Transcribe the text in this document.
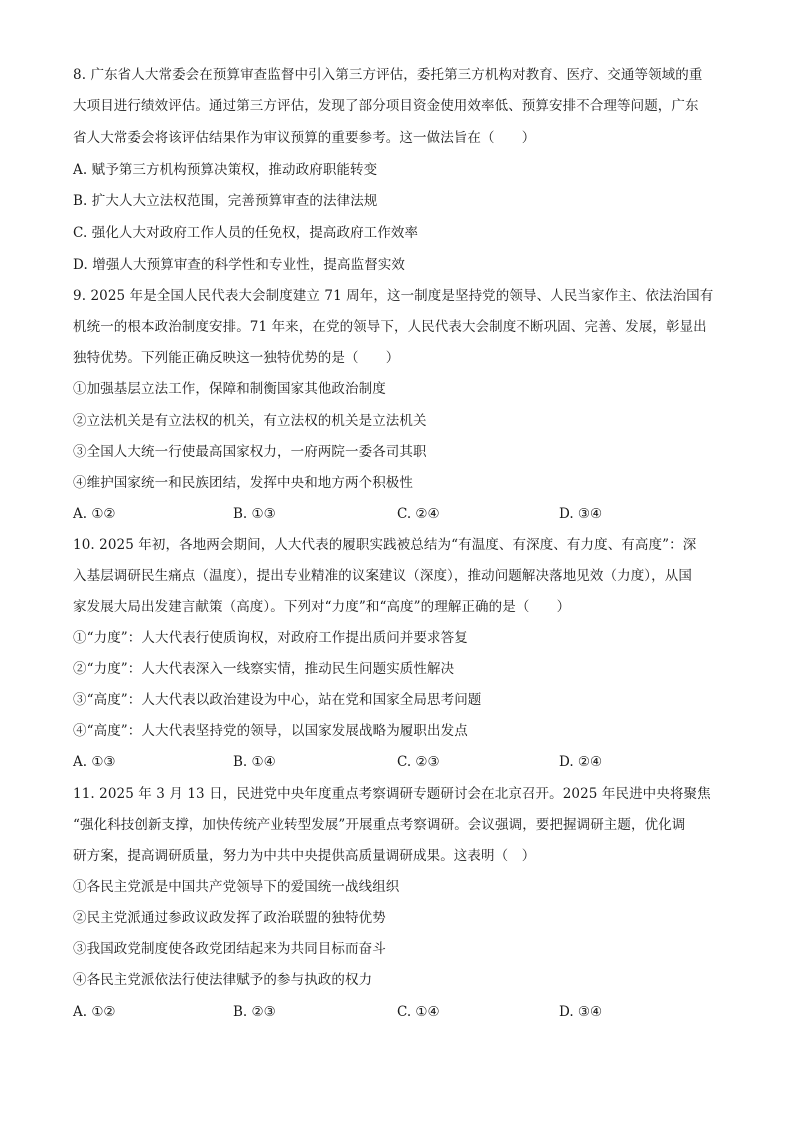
8. 广东省人大常委会在预算审查监督中引入第三方评估，委托第三方机构对教育、医疗、交通等领域的重
大项目进行绩效评估。通过第三方评估，发现了部分项目资金使用效率低、预算安排不合理等问题，广东
省人大常委会将该评估结果作为审议预算的重要参考。这一做法旨在（　　）
A. 赋予第三方机构预算决策权，推动政府职能转变
B. 扩大人大立法权范围，完善预算审查的法律法规
C. 强化人大对政府工作人员的任免权，提高政府工作效率
D. 增强人大预算审查的科学性和专业性，提高监督实效
9. 2025 年是全国人民代表大会制度建立 71 周年，这一制度是坚持党的领导、人民当家作主、依法治国有
机统一的根本政治制度安排。71 年来，在党的领导下，人民代表大会制度不断巩固、完善、发展，彰显出
独特优势。下列能正确反映这一独特优势的是（　　）
①加强基层立法工作，保障和制衡国家其他政治制度
②立法机关是有立法权的机关，有立法权的机关是立法机关
③全国人大统一行使最高国家权力，一府两院一委各司其职
④维护国家统一和民族团结，发挥中央和地方两个积极性
A. ①②	B. ①③	C. ②④	D. ③④
10. 2025 年初，各地两会期间，人大代表的履职实践被总结为“有温度、有深度、有力度、有高度”：深
入基层调研民生痛点（温度），提出专业精准的议案建议（深度），推动问题解决落地见效（力度），从国
家发展大局出发建言献策（高度）。下列对“力度”和“高度”的理解正确的是（　　）
①“力度”：人大代表行使质询权，对政府工作提出质问并要求答复
②“力度”：人大代表深入一线察实情，推动民生问题实质性解决
③“高度”：人大代表以政治建设为中心，站在党和国家全局思考问题
④“高度”：人大代表坚持党的领导，以国家发展战略为履职出发点
A. ①③	B. ①④	C. ②③	D. ②④
11. 2025 年 3 月 13 日，民进党中央年度重点考察调研专题研讨会在北京召开。2025 年民进中央将聚焦
“强化科技创新支撑，加快传统产业转型发展”开展重点考察调研。会议强调，要把握调研主题，优化调
研方案，提高调研质量，努力为中共中央提供高质量调研成果。这表明（　）
①各民主党派是中国共产党领导下的爱国统一战线组织
②民主党派通过参政议政发挥了政治联盟的独特优势
③我国政党制度使各政党团结起来为共同目标而奋斗
④各民主党派依法行使法律赋予的参与执政的权力
A. ①②	B. ②③	C. ①④	D. ③④
